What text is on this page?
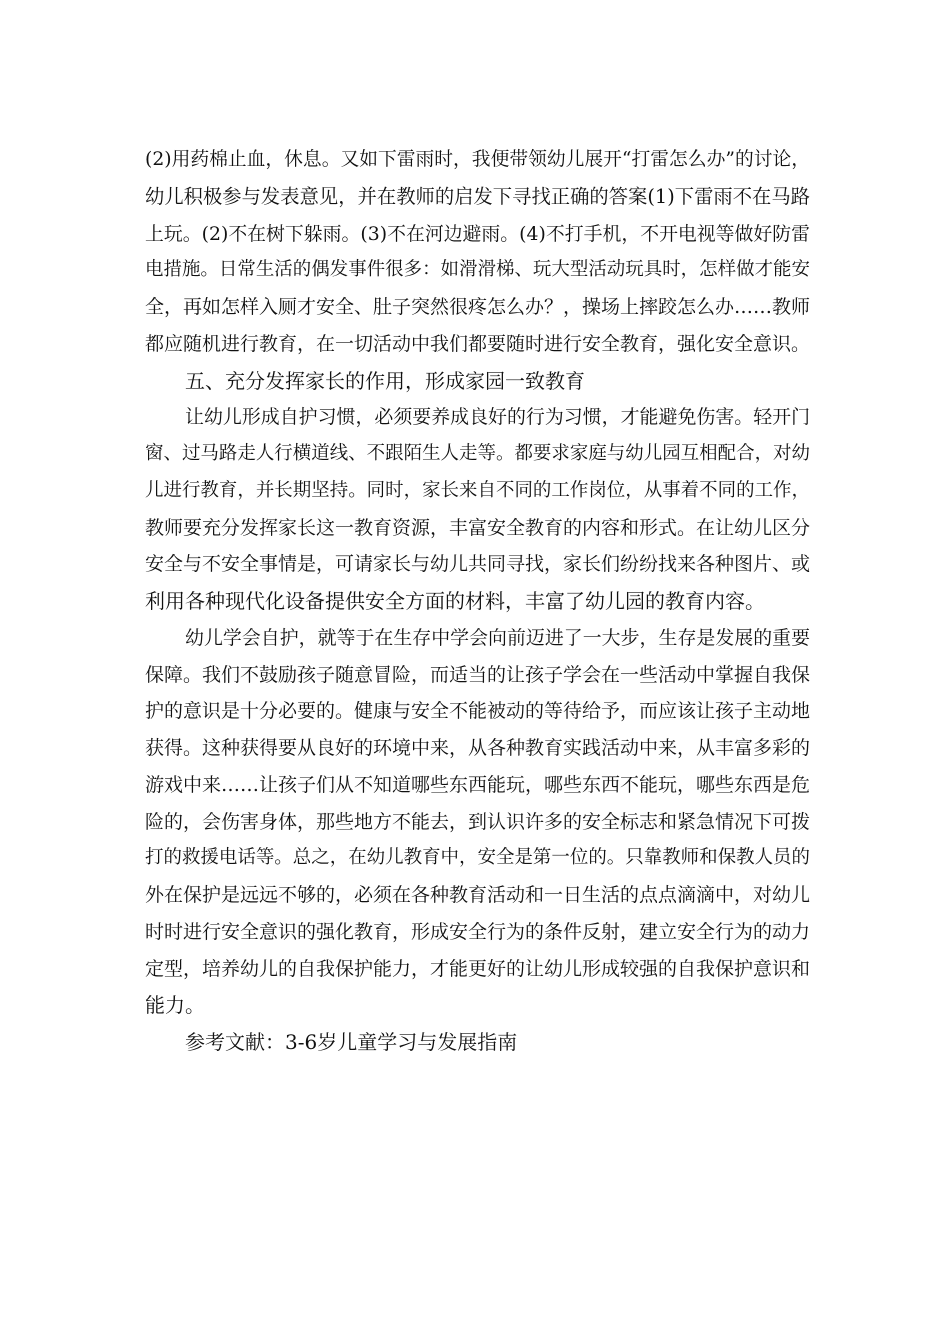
(2)用药棉止血，休息。又如下雷雨时，我便带领幼儿展开“打雷怎么办”的讨论，
幼儿积极参与发表意见，并在教师的启发下寻找正确的答案(1)下雷雨不在马路
上玩。(2)不在树下躲雨。(3)不在河边避雨。(4)不打手机，不开电视等做好防雷
电措施。日常生活的偶发事件很多：如滑滑梯、玩大型活动玩具时，怎样做才能安
全，再如怎样入厕才安全、肚子突然很疼怎么办？，操场上摔跤怎么办……教师
都应随机进行教育，在一切活动中我们都要随时进行安全教育，强化安全意识。
五、充分发挥家长的作用，形成家园一致教育
让幼儿形成自护习惯，必须要养成良好的行为习惯，才能避免伤害。轻开门
窗、过马路走人行横道线、不跟陌生人走等。都要求家庭与幼儿园互相配合，对幼
儿进行教育，并长期坚持。同时，家长来自不同的工作岗位，从事着不同的工作，
教师要充分发挥家长这一教育资源，丰富安全教育的内容和形式。在让幼儿区分
安全与不安全事情是，可请家长与幼儿共同寻找，家长们纷纷找来各种图片、或
利用各种现代化设备提供安全方面的材料，丰富了幼儿园的教育内容。
幼儿学会自护，就等于在生存中学会向前迈进了一大步，生存是发展的重要
保障。我们不鼓励孩子随意冒险，而适当的让孩子学会在一些活动中掌握自我保
护的意识是十分必要的。健康与安全不能被动的等待给予，而应该让孩子主动地
获得。这种获得要从良好的环境中来，从各种教育实践活动中来，从丰富多彩的
游戏中来……让孩子们从不知道哪些东西能玩，哪些东西不能玩，哪些东西是危
险的，会伤害身体，那些地方不能去，到认识许多的安全标志和紧急情况下可拨
打的救援电话等。总之，在幼儿教育中，安全是第一位的。只靠教师和保教人员的
外在保护是远远不够的，必须在各种教育活动和一日生活的点点滴滴中，对幼儿
时时进行安全意识的强化教育，形成安全行为的条件反射，建立安全行为的动力
定型，培养幼儿的自我保护能力，才能更好的让幼儿形成较强的自我保护意识和
能力。
参考文献：3-6岁儿童学习与发展指南
